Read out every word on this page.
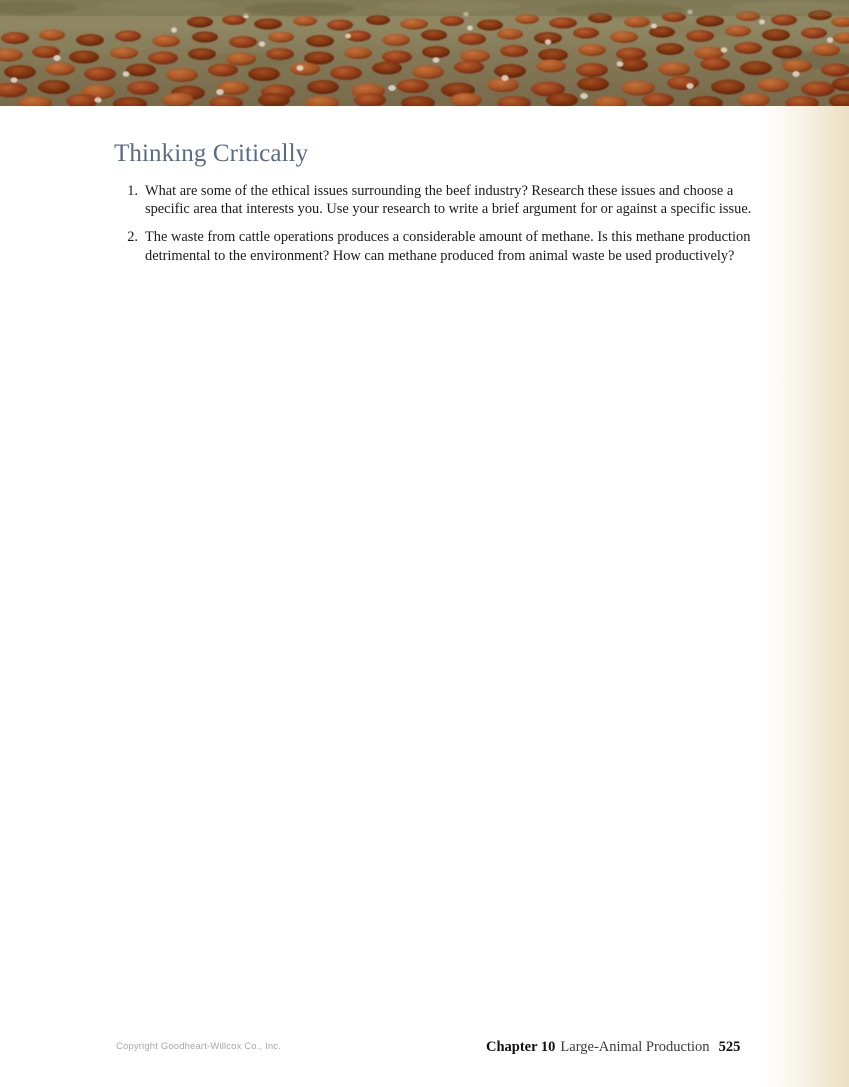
Thinking Critically
1. What are some of the ethical issues surrounding the beef industry? Research these issues and choose a specific area that interests you. Use your research to write a brief argument for or against a specific issue.
2. The waste from cattle operations produces a considerable amount of methane. Is this methane production detrimental to the environment? How can methane produced from animal waste be used productively?
Copyright Goodheart-Willcox Co., Inc.	Chapter 10 Large-Animal Production 525
